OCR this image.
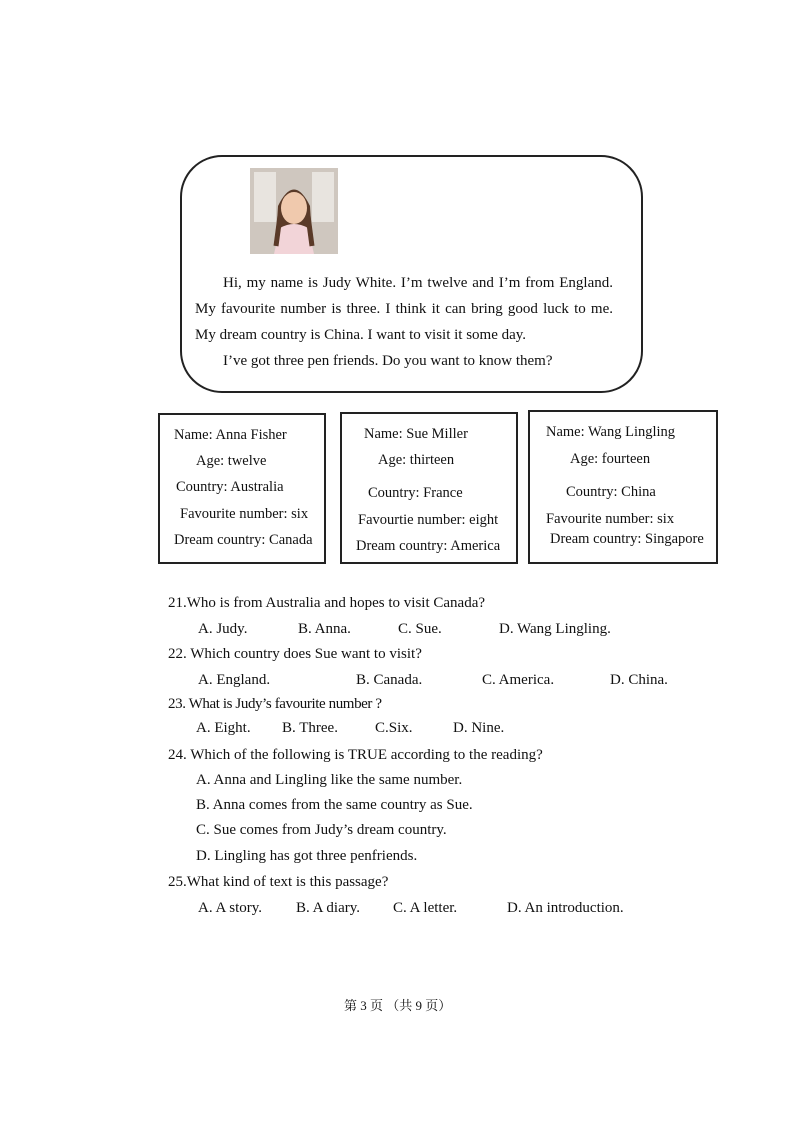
Hi, my name is Judy White. I’m twelve and I’m from England. My favourite number is three. I think it can bring good luck to me. My dream country is China. I want to visit it some day.
I’ve got three pen friends. Do you want to know them?
Name: Anna Fisher
Age: twelve
Country: Australia
Favourite number: six
Dream country: Canada
Name: Sue Miller
Age: thirteen
Country: France
Favourtie number: eight
Dream country: America
Name: Wang Lingling
Age: fourteen
Country: China
Favourite number: six
Dream country: Singapore
21.Who is from Australia and hopes to visit Canada?
A. Judy.	B. Anna.	C. Sue.	D. Wang Lingling.
22. Which country does Sue want to visit?
A. England.	B. Canada.	C. America.	D. China.
23. What is Judy’s favourite number ?
A. Eight. B. Three. C.Six.	D. Nine.
24. Which of the following is TRUE according to the reading?
A. Anna and Lingling like the same number.
B. Anna comes from the same country as Sue.
C. Sue comes from Judy’s dream country.
D. Lingling has got three penfriends.
25.What kind of text is this passage?
A. A story. B. A diary. C. A letter.	D. An introduction.
第 3 页 （共 9 页）
